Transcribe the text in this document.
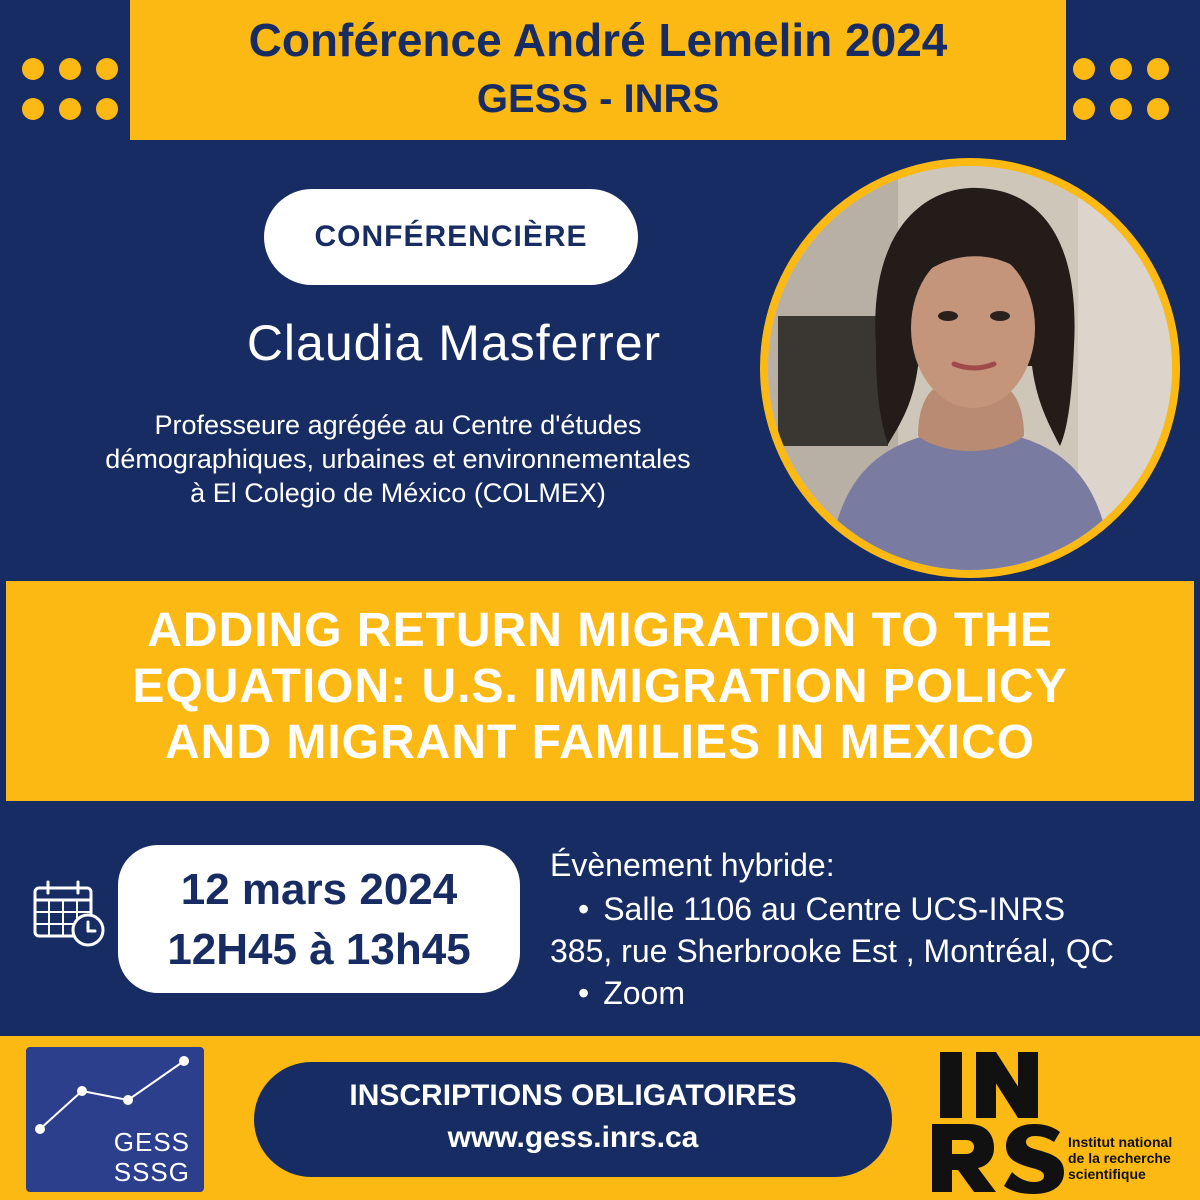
Conférence André Lemelin 2024
GESS - INRS
CONFÉRENCIÈRE
Claudia Masferrer
Professeure agrégée au Centre d'études
démographiques, urbaines et environnementales
à El Colegio de México (COLMEX)
ADDING RETURN MIGRATION TO THE
EQUATION: U.S. IMMIGRATION POLICY
AND MIGRANT FAMILIES IN MEXICO
12 mars 2024
12H45 à 13h45
Évènement hybride:
• Salle 1106 au Centre UCS-INRS
385, rue Sherbrooke Est , Montréal, QC
• Zoom
GESS
SSSG
INSCRIPTIONS OBLIGATOIRES
www.gess.inrs.ca	Institut national
de la recherche
scientifique
